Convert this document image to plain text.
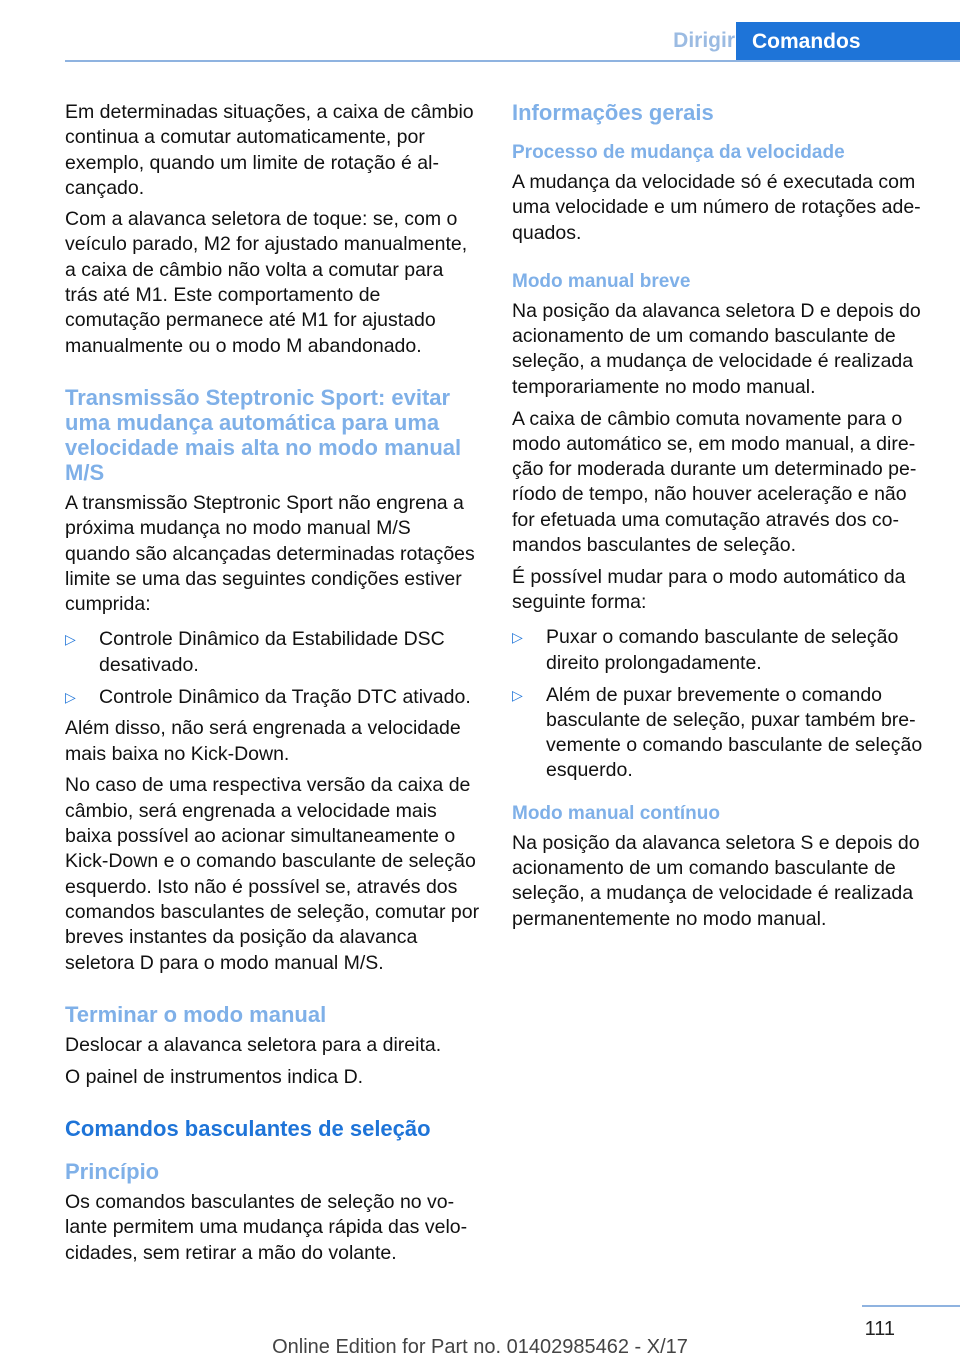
Dirigir Comandos

Em determinadas situações, a caixa de câmbio continua a comutar automaticamente, por exemplo, quando um limite de rotação é alcançado.

Com a alavanca seletora de toque: se, com o veículo parado, M2 for ajustado manualmente, a caixa de câmbio não volta a comutar para trás até M1. Este comportamento de comutação permanece até M1 for ajustado manualmente ou o modo M abandonado.

Transmissão Steptronic Sport: evitar uma mudança automática para uma velocidade mais alta no modo manual M/S

A transmissão Steptronic Sport não engrena a próxima mudança no modo manual M/S quando são alcançadas determinadas rotações limite se uma das seguintes condições estiver cumprida:

▷ Controle Dinâmico da Estabilidade DSC desativado.
▷ Controle Dinâmico da Tração DTC ativado.

Além disso, não será engrenada a velocidade mais baixa no Kick-Down.

No caso de uma respectiva versão da caixa de câmbio, será engrenada a velocidade mais baixa possível ao acionar simultaneamente o Kick-Down e o comando basculante de seleção esquerdo. Isto não é possível se, através dos comandos basculantes de seleção, comutar por breves instantes da posição da alavanca seletora D para o modo manual M/S.

Terminar o modo manual

Deslocar a alavanca seletora para a direita.

O painel de instrumentos indica D.

Comandos basculantes de seleção
Princípio

Os comandos basculantes de seleção no volante permitem uma mudança rápida das velocidades, sem retirar a mão do volante.

Informações gerais
Processo de mudança da velocidade

A mudança da velocidade só é executada com uma velocidade e um número de rotações adequados.

Modo manual breve

Na posição da alavanca seletora D e depois do acionamento de um comando basculante de seleção, a mudança de velocidade é realizada temporariamente no modo manual.

A caixa de câmbio comuta novamente para o modo automático se, em modo manual, a direção for moderada durante um determinado período de tempo, não houver aceleração e não for efetuada uma comutação através dos comandos basculantes de seleção.

É possível mudar para o modo automático da seguinte forma:

▷ Puxar o comando basculante de seleção direito prolongadamente.
▷ Além de puxar brevemente o comando basculante de seleção, puxar também brevemente o comando basculante de seleção esquerdo.
Modo manual contínuo

Na posição da alavanca seletora S e depois do acionamento de um comando basculante de seleção, a mudança de velocidade é realizada permanentemente no modo manual.

111
Online Edition for Part no. 01402985462 - X/17
